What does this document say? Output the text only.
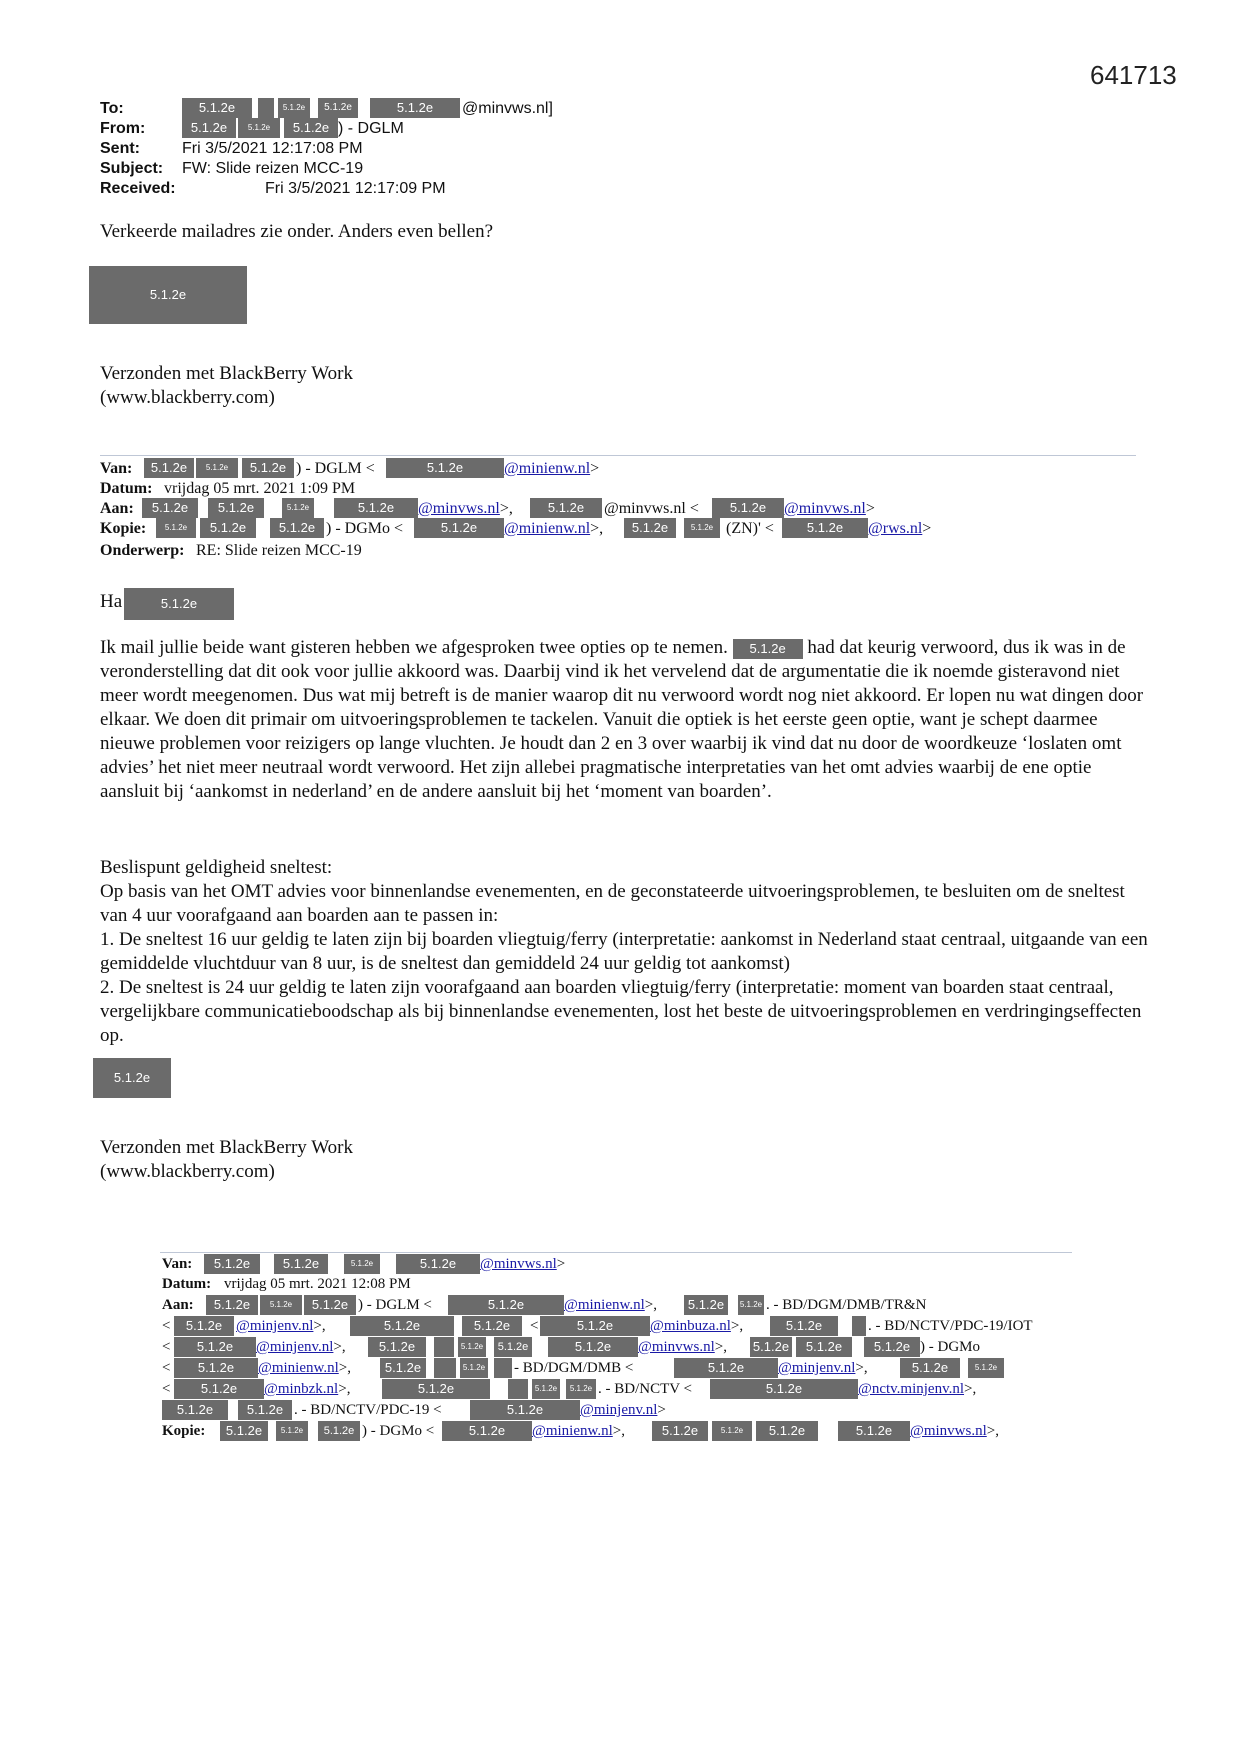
641713
To:	5.1.2e	5.1.2e	5.1.2e	5.1.2e	@minvws.nl]
From:	5.1.2e	5.1.2e	5.1.2e ) - DGLM
Sent:	Fri 3/5/2021 12:17:08 PM
Subject: FW: Slide reizen MCC-19
Received:	Fri 3/5/2021 12:17:09 PM
Verkeerde mailadres zie onder. Anders even bellen?
5.1.2e
Verzonden met BlackBerry Work
(www.blackberry.com)
Van:	5.1.2e	5.1.2e	5.1.2e ) - DGLM <	5.1.2e	@minienw.nl>
Datum: vrijdag 05 mrt. 2021 1:09 PM
Aan:	5.1.2e	5.1.2e	5.1.2e	5.1.2e	@minvws.nl>,	5.1.2e	@minvws.nl <	5.1.2e	@minvws.nl>
Kopie:	5.1.2e	5.1.2e	5.1.2e ) - DGMo <	5.1.2e	@minienw.nl>,	5.1.2e	5.1.2e (ZN)' <	5.1.2e	@rws.nl>
Onderwerp: RE: Slide reizen MCC-19
Ha	5.1.2e

Ik mail jullie beide want gisteren hebben we afgesproken twee opties op te nemen. 5.1.2e had dat keurig verwoord, dus ik was in de veronderstelling dat dit ook voor jullie akkoord was. Daarbij vind ik het vervelend dat de argumentatie die ik noemde gisteravond niet meer wordt meegenomen. Dus wat mij betreft is de manier waarop dit nu verwoord wordt nog niet akkoord. Er lopen nu wat dingen door elkaar. We doen dit primair om uitvoeringsproblemen te tackelen. Vanuit die optiek is het eerste geen optie, want je schept daarmee nieuwe problemen voor reizigers op lange vluchten. Je houdt dan 2 en 3 over waarbij ik vind dat nu door de woordkeuze ‘loslaten omt advies’ het niet meer neutraal wordt verwoord. Het zijn allebei pragmatische interpretaties van het omt advies waarbij de ene optie aansluit bij ‘aankomst in nederland’ en de andere aansluit bij het ‘moment van boarden’.

Beslispunt geldigheid sneltest:

Op basis van het OMT advies voor binnenlandse evenementen, en de geconstateerde uitvoeringsproblemen, te besluiten om de sneltest van 4 uur voorafgaand aan boarden aan te passen in:

1. De sneltest 16 uur geldig te laten zijn bij boarden vliegtuig/ferry (interpretatie: aankomst in Nederland staat centraal, uitgaande van een gemiddelde vluchtduur van 8 uur, is de sneltest dan gemiddeld 24 uur geldig tot aankomst)

2. De sneltest is 24 uur geldig te laten zijn voorafgaand aan boarden vliegtuig/ferry (interpretatie: moment van boarden staat centraal, vergelijkbare communicatieboodschap als bij binnenlandse evenementen, lost het beste de uitvoeringsproblemen en verdringingseffecten op.

5.1.2e
Verzonden met BlackBerry Work
(www.blackberry.com)
Van:	5.1.2e	5.1.2e	5.1.2e	5.1.2e	@minvws.nl>
Datum: vrijdag 05 mrt. 2021 12:08 PM
Aan:	5.1.2e	5.1.2e	5.1.2e ) - DGLM <	5.1.2e	@minienw.nl>,	5.1.2e	5.1.2e . - BD/DGM/DMB/TR&N
<	5.1.2e @minjenv.nl>,	5.1.2e	5.1.2e	<	5.1.2e	@minbuza.nl>,	5.1.2e	. - BD/NCTV/PDC-19/IOT
<	5.1.2e	@minjenv.nl>,	5.1.2e	5.1.2e	5.1.2e	5.1.2e	@minvws.nl>, 5.1.2e	5.1.2e	5.1.2e ) - DGMo
<	5.1.2e	@minienw.nl>,	5.1.2e	5.1.2e - BD/DGM/DMB <	5.1.2e	@minjenv.nl>,	5.1.2e	5.1.2e
<	5.1.2e	@minbzk.nl>,	5.1.2e	5.1.2e	5.1.2e . - BD/NCTV <	5.1.2e	@nctv.minjenv.nl>,
5.1.2e	5.1.2e . - BD/NCTV/PDC-19 <	5.1.2e	@minjenv.nl>
Kopie:	5.1.2e	5.1.2e	5.1.2e ) - DGMo <	5.1.2e	@minienw.nl>,	5.1.2e	5.1.2e	5.1.2e	5.1.2e	@minvws.nl>,
